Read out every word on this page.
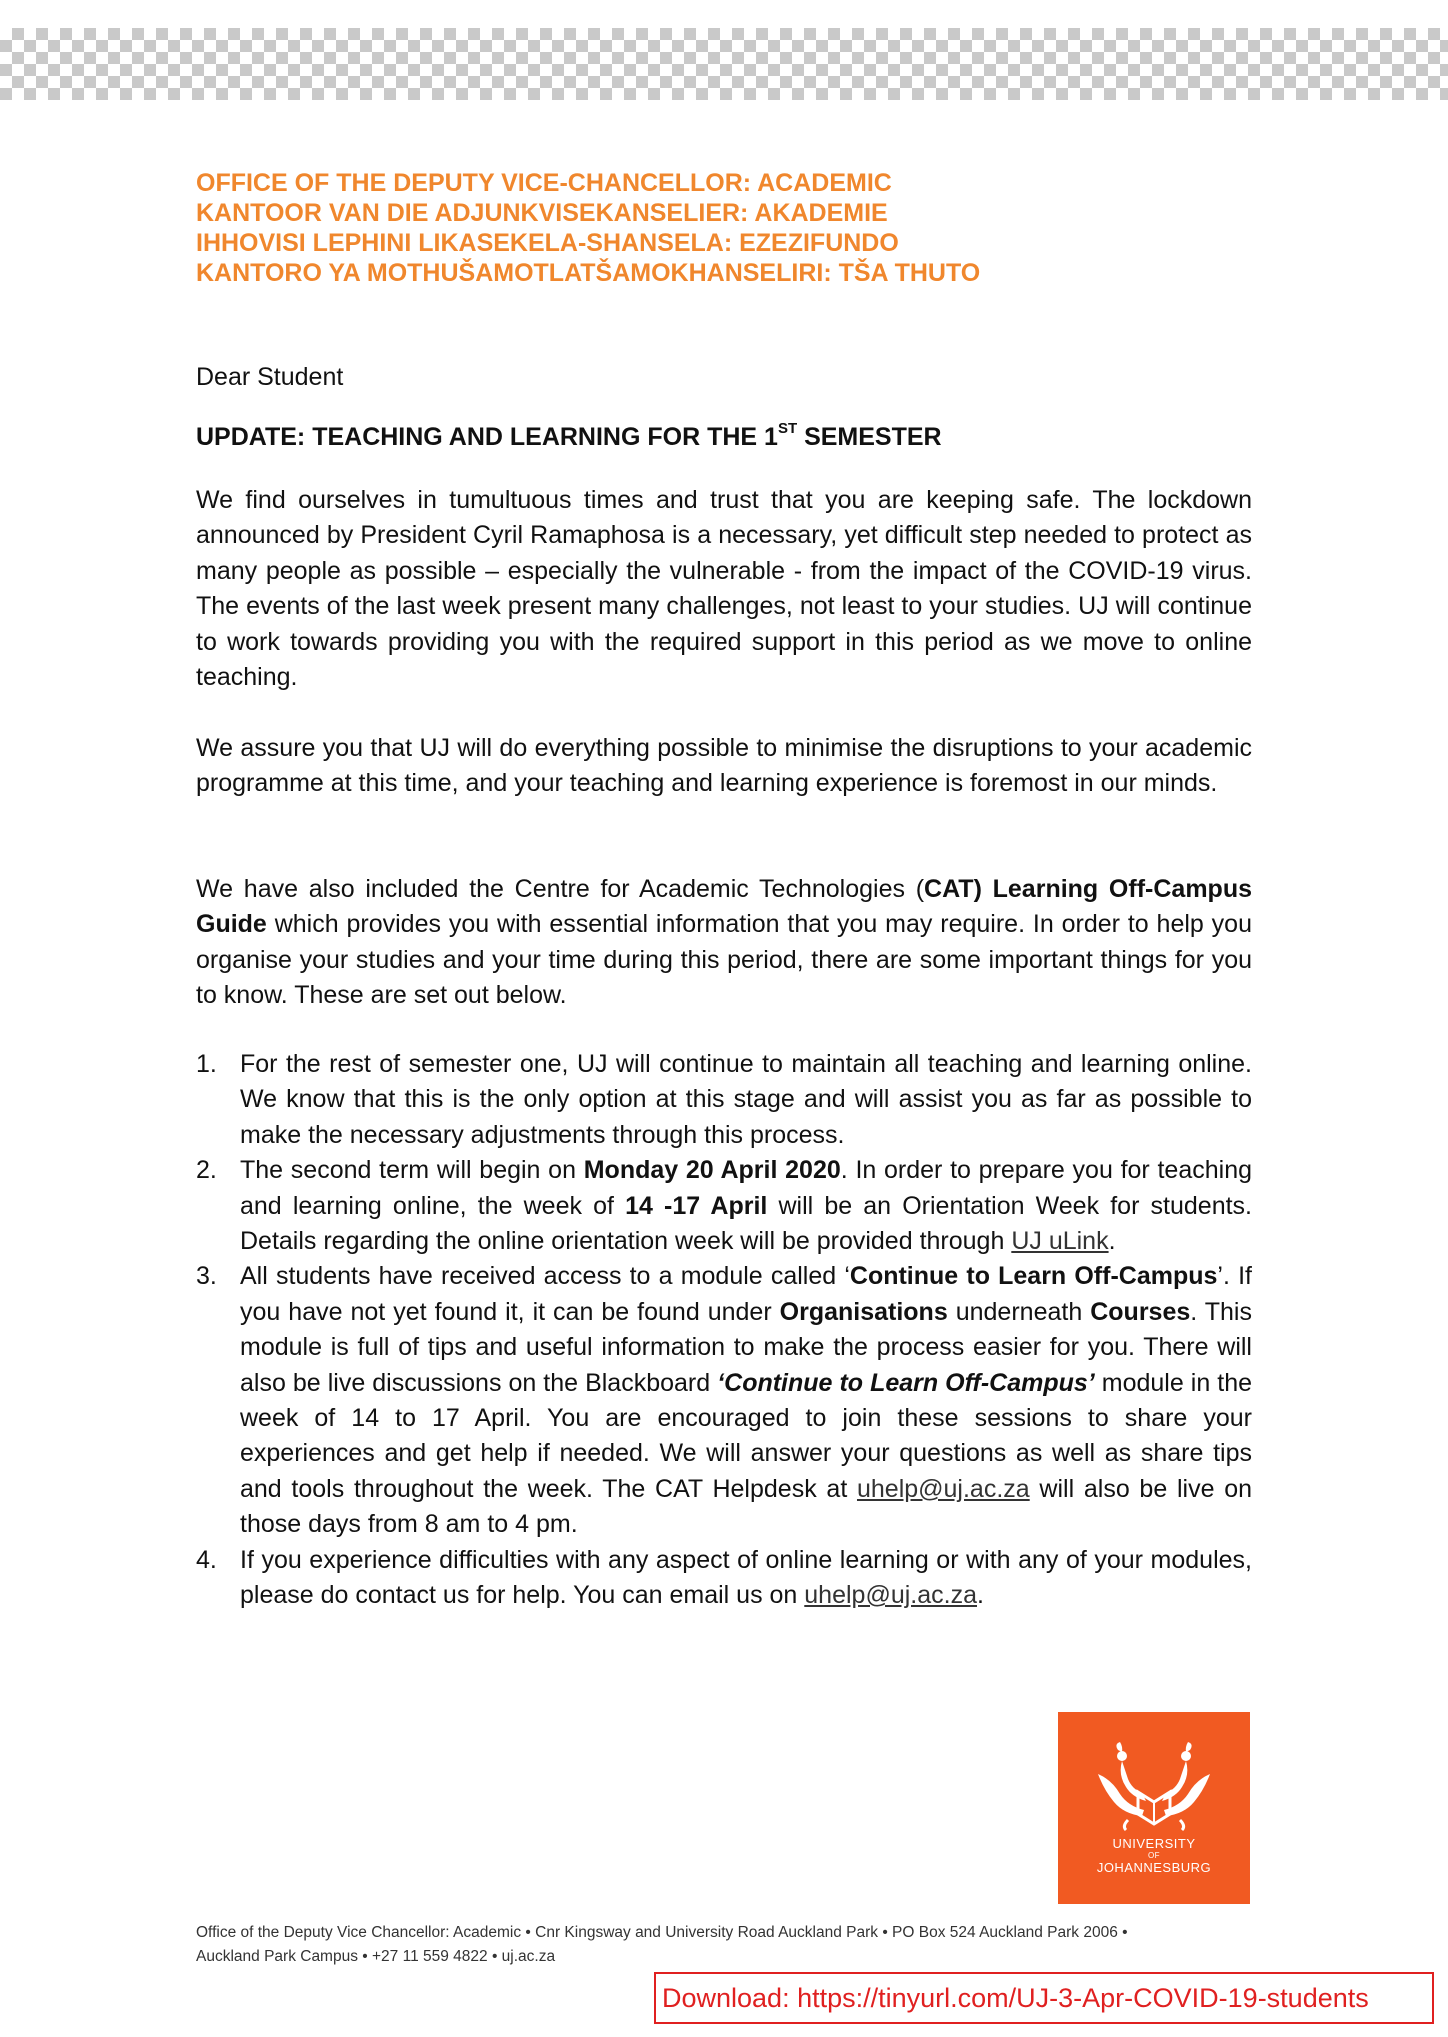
OFFICE OF THE DEPUTY VICE-CHANCELLOR: ACADEMIC
KANTOOR VAN DIE ADJUNKVISEKANSELIER: AKADEMIE
IHHOVISI LEPHINI LIKASEKELA-SHANSELA: EZEZIFUNDO
KANTORO YA MOTHUŠAMOTLATŠAMOKHANSELIRI: TŠA THUTO
Dear Student
UPDATE: TEACHING AND LEARNING FOR THE 1ST SEMESTER

We find ourselves in tumultuous times and trust that you are keeping safe. The lockdown announced by President Cyril Ramaphosa is a necessary, yet difficult step needed to protect as many people as possible – especially the vulnerable - from the impact of the COVID-19 virus. The events of the last week present many challenges, not least to your studies. UJ will continue to work towards providing you with the required support in this period as we move to online teaching.

We assure you that UJ will do everything possible to minimise the disruptions to your academic programme at this time, and your teaching and learning experience is foremost in our minds.

We have also included the Centre for Academic Technologies (CAT) Learning Off-Campus Guide which provides you with essential information that you may require. In order to help you organise your studies and your time during this period, there are some important things for you to know. These are set out below.

1. For the rest of semester one, UJ will continue to maintain all teaching and learning online. We know that this is the only option at this stage and will assist you as far as possible to make the necessary adjustments through this process.
2. The second term will begin on Monday 20 April 2020. In order to prepare you for teaching and learning online, the week of 14 -17 April will be an Orientation Week for students. Details regarding the online orientation week will be provided through UJ uLink.
3. All students have received access to a module called ‘Continue to Learn Off-Campus’. If you have not yet found it, it can be found under Organisations underneath Courses. This module is full of tips and useful information to make the process easier for you. There will also be live discussions on the Blackboard ‘Continue to Learn Off-Campus’ module in the week of 14 to 17 April. You are encouraged to join these sessions to share your experiences and get help if needed. We will answer your questions as well as share tips and tools throughout the week. The CAT Helpdesk at uhelp@uj.ac.za will also be live on those days from 8 am to 4 pm.
4. If you experience difficulties with any aspect of online learning or with any of your modules, please do contact us for help. You can email us on uhelp@uj.ac.za.
UNIVERSITY
OF
JOHANNESBURG
Office of the Deputy Vice Chancellor: Academic • Cnr Kingsway and University Road Auckland Park • PO Box 524 Auckland Park 2006 •
Auckland Park Campus • +27 11 559 4822 • uj.ac.za
Download: https://tinyurl.com/UJ-3-Apr-COVID-19-students
